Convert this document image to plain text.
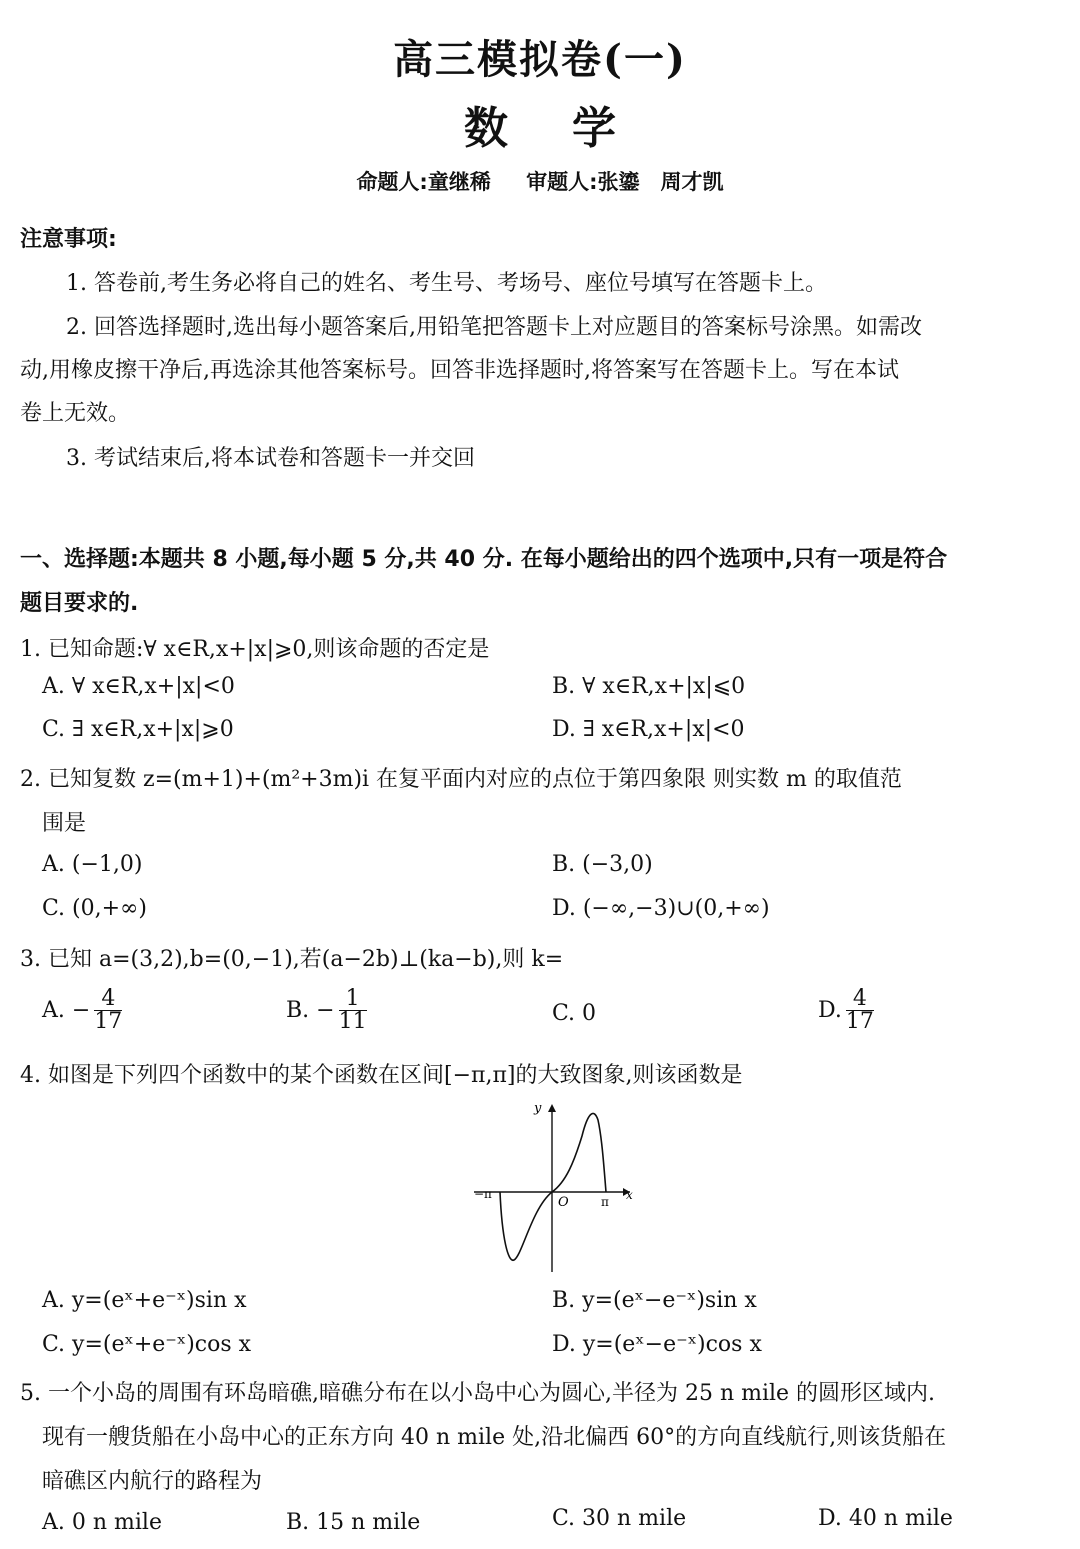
高三模拟卷(一)
数学
命题人:童继稀 审题人:张鎏　周才凯
注意事项:
1. 答卷前,考生务必将自己的姓名、考生号、考场号、座位号填写在答题卡上。
2. 回答选择题时,选出每小题答案后,用铅笔把答题卡上对应题目的答案标号涂黑。如需改
动,用橡皮擦干净后,再选涂其他答案标号。回答非选择题时,将答案写在答题卡上。写在本试
卷上无效。
3. 考试结束后,将本试卷和答题卡一并交回
一、选择题:本题共 8 小题,每小题 5 分,共 40 分. 在每小题给出的四个选项中,只有一项是符合
题目要求的.
1. 已知命题:∀ x∈R,x+|x|⩾0,则该命题的否定是
A. ∀ x∈R,x+|x|<0	B. ∀ x∈R,x+|x|⩽0
C. ∃ x∈R,x+|x|⩾0	D. ∃ x∈R,x+|x|<0
2. 已知复数 z=(m+1)+(m²+3m)i 在复平面内对应的点位于第四象限 则实数 m 的取值范
围是
A. (−1,0)	B. (−3,0)
C. (0,+∞)	D. (−∞,−3)∪(0,+∞)
3. 已知 a=(3,2),b=(0,−1),若(a−2b)⊥(ka−b),则 k=
A. − $\frac{4}{17}$	B. − $\frac{1}{11}$	C. 0	D. $\frac{4}{17}$
4. 如图是下列四个函数中的某个函数在区间[−π,π]的大致图象,则该函数是
y
x
O
−π
π
A. y=(eˣ+e⁻ˣ)sin x	B. y=(eˣ−e⁻ˣ)sin x
C. y=(eˣ+e⁻ˣ)cos x	D. y=(eˣ−e⁻ˣ)cos x
5. 一个小岛的周围有环岛暗礁,暗礁分布在以小岛中心为圆心,半径为 25 n mile 的圆形区域内.
现有一艘货船在小岛中心的正东方向 40 n mile 处,沿北偏西 60°的方向直线航行,则该货船在
暗礁区内航行的路程为
A. 0 n mile	B. 15 n mile	C. 30 n mile	D. 40 n mile
